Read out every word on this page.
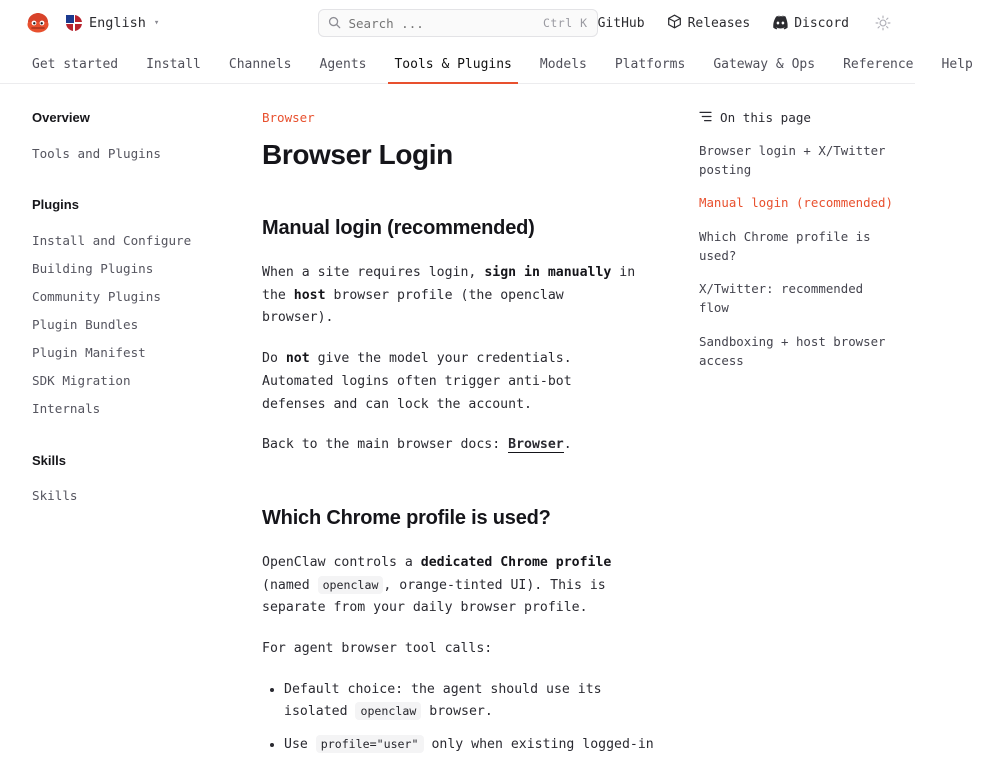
English ▾
Search ...	Ctrl K GitHub	Releases	Discord
Get started	Install	Channels	Agents	Tools & Plugins	Models	Platforms	Gateway & Ops	Reference	Help
Overview
Tools and Plugins
Plugins
Install and Configure
Building Plugins
Community Plugins
Plugin Bundles
Plugin Manifest
SDK Migration
Internals
Skills
Skills
Browser
Browser Login
Manual login (recommended)

When a site requires login, sign in manually in the host browser profile (the openclaw browser).

Do not give the model your credentials. Automated logins often trigger anti-bot defenses and can lock the account.

Back to the main browser docs: Browser.

Which Chrome profile is used?

OpenClaw controls a dedicated Chrome profile (named openclaw , orange-tinted UI). This is separate from your daily browser profile.

For agent browser tool calls:

• Default choice: the agent should use its isolated openclaw browser.
• Use profile="user" only when existing logged-in
On this page
Browser login + X/Twitter posting
Manual login (recommended)
Which Chrome profile is used?
X/Twitter: recommended flow
Sandboxing + host browser access
